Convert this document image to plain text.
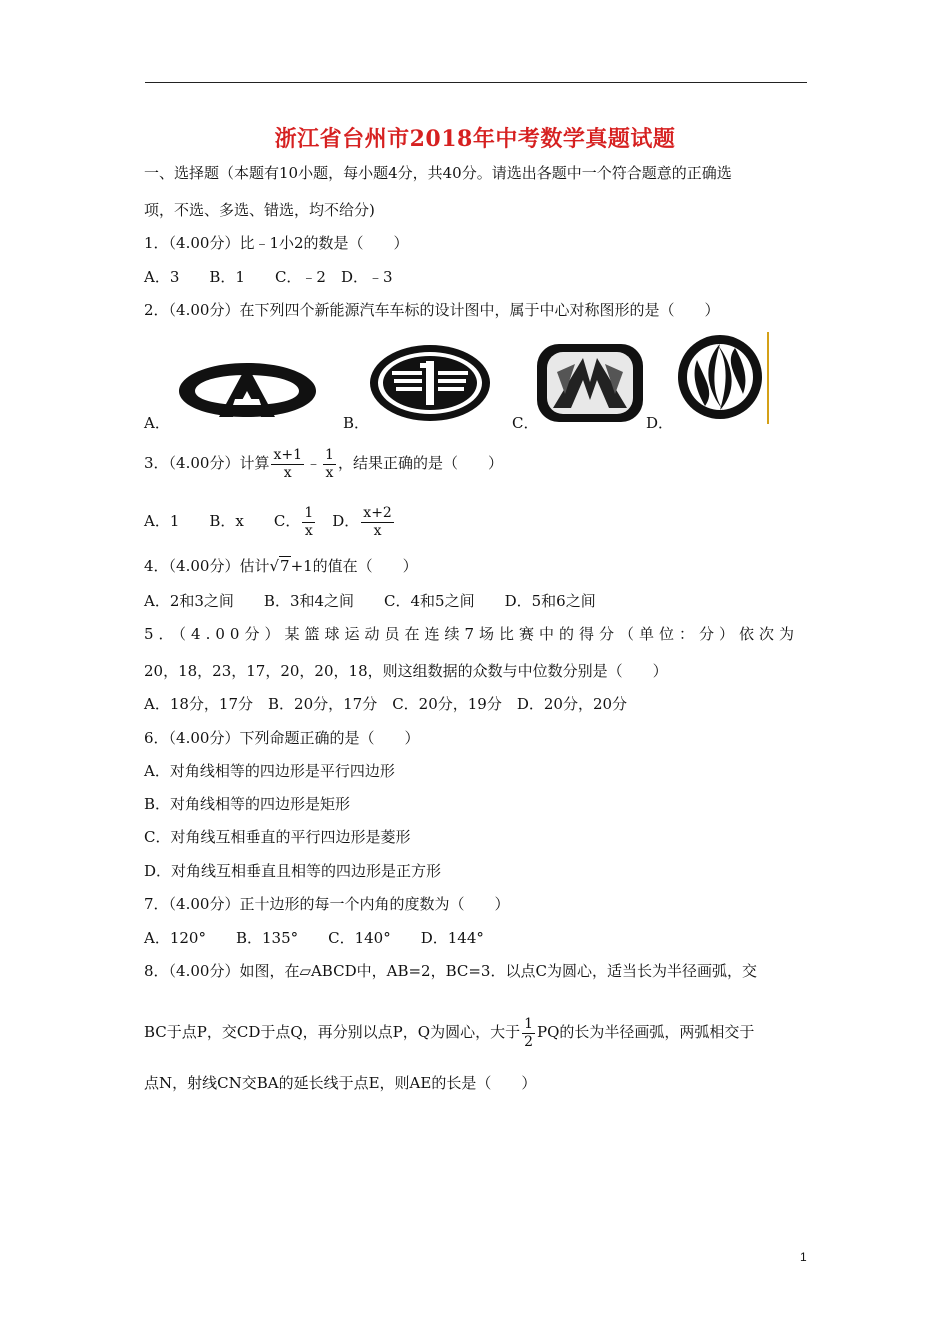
浙江省台州市2018年中考数学真题试题
一、选择题（本题有10小题，每小题4分，共40分。请选出各题中一个符合题意的正确选
项，不选、多选、错选，均不给分)
1．（4.00分）比﹣1小2的数是（　　）
A．3　　B．1　　C．﹣2　D．﹣3
2．（4.00分）在下列四个新能源汽车车标的设计图中，属于中心对称图形的是（　　）
A．	B．	C．	D．
3．（4.00分）计算 $\frac{x+1}{x}$ ﹣ $\frac{1}{x}$ ，结果正确的是（　　）
A．1　　B．x　　C． $\frac{1}{x}$ 　D． $\frac{x+2}{x}$
4．（4.00分）估计√7+1的值在（　　）
A．2和3之间　　B．3和4之间　　C．4和5之间　　D．5和6之间
5．（4.00分）某篮球运动员在连续7场比赛中的得分（单位：分）依次为
20，18，23，17，20，20，18，则这组数据的众数与中位数分别是（　　）
A．18分，17分　B．20分，17分　C．20分，19分　D．20分，20分
6．（4.00分）下列命题正确的是（　　）
A．对角线相等的四边形是平行四边形
B．对角线相等的四边形是矩形
C．对角线互相垂直的平行四边形是菱形
D．对角线互相垂直且相等的四边形是正方形
7．（4.00分）正十边形的每一个内角的度数为（　　）
A．120°　　B．135°　　C．140°　　D．144°
8．（4.00分）如图，在▱ABCD中，AB=2，BC=3．以点C为圆心，适当长为半径画弧，交
BC于点P，交CD于点Q，再分别以点P，Q为圆心，大于 $\frac{1}{2}$ PQ的长为半径画弧，两弧相交于
点N，射线CN交BA的延长线于点E，则AE的长是（　　）
1
